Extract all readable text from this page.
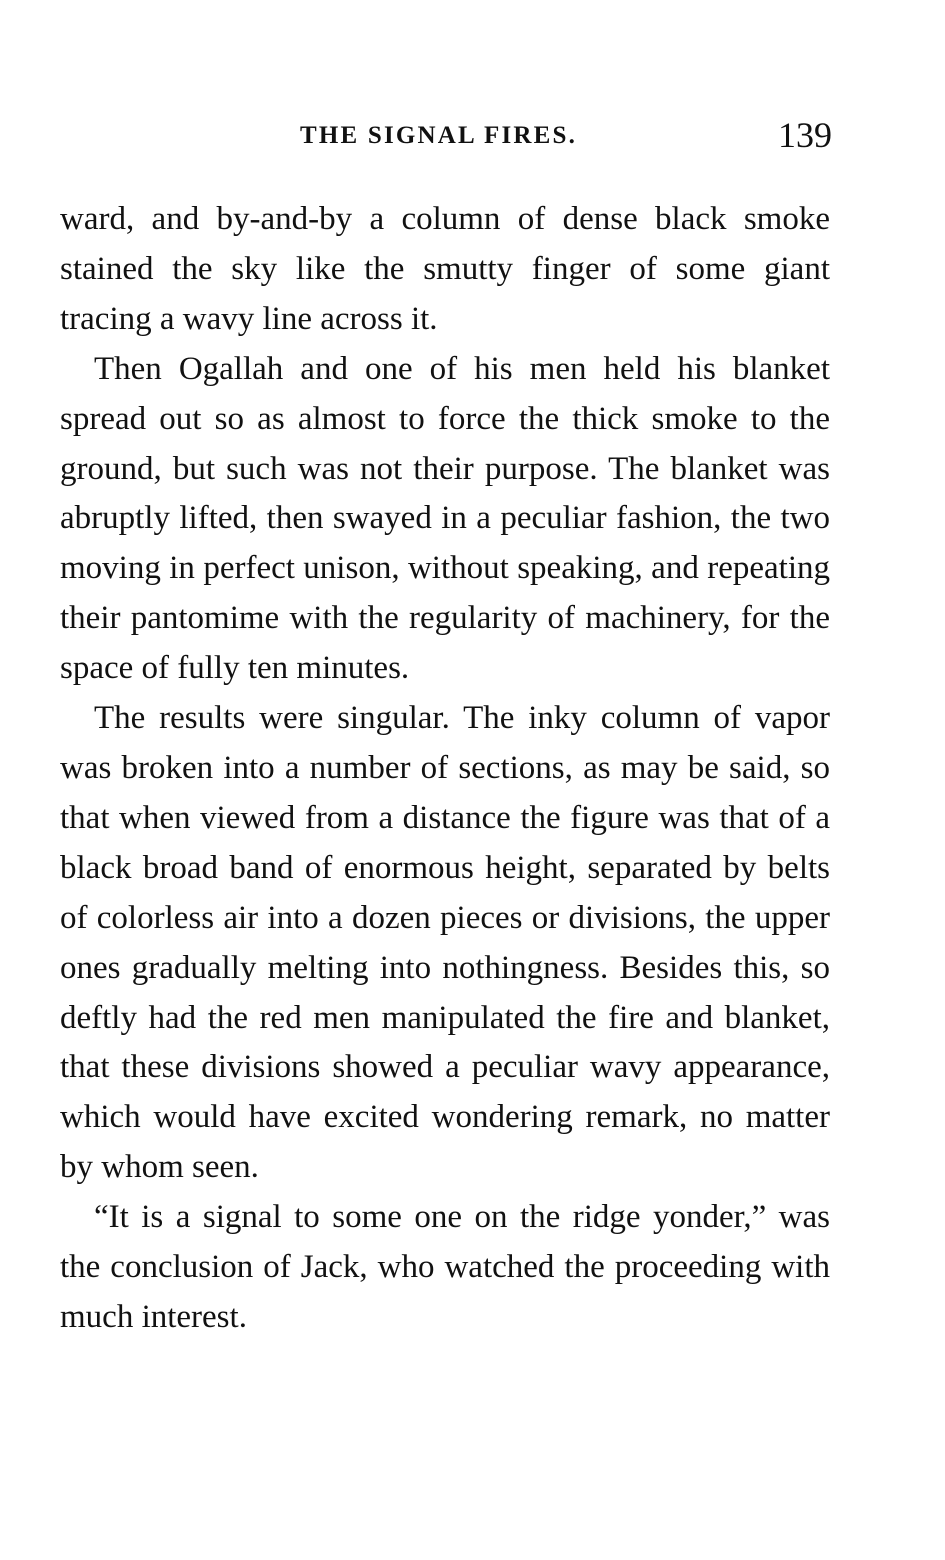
THE SIGNAL FIRES.	139

ward, and by-and-by a column of dense black smoke stained the sky like the smutty finger of some giant tracing a wavy line across it.

Then Ogallah and one of his men held his blanket spread out so as almost to force the thick smoke to the ground, but such was not their purpose. The blanket was abruptly lifted, then swayed in a peculiar fashion, the two moving in perfect unison, without speaking, and repeating their pantomime with the regularity of machinery, for the space of fully ten minutes.

The results were singular. The inky column of vapor was broken into a number of sections, as may be said, so that when viewed from a distance the figure was that of a black broad band of enormous height, separated by belts of colorless air into a dozen pieces or divisions, the upper ones gradually melting into nothingness. Besides this, so deftly had the red men manipulated the fire and blanket, that these divisions showed a peculiar wavy appearance, which would have excited wondering remark, no matter by whom seen.

“It is a signal to some one on the ridge yonder,” was the conclusion of Jack, who watched the proceeding with much interest.
